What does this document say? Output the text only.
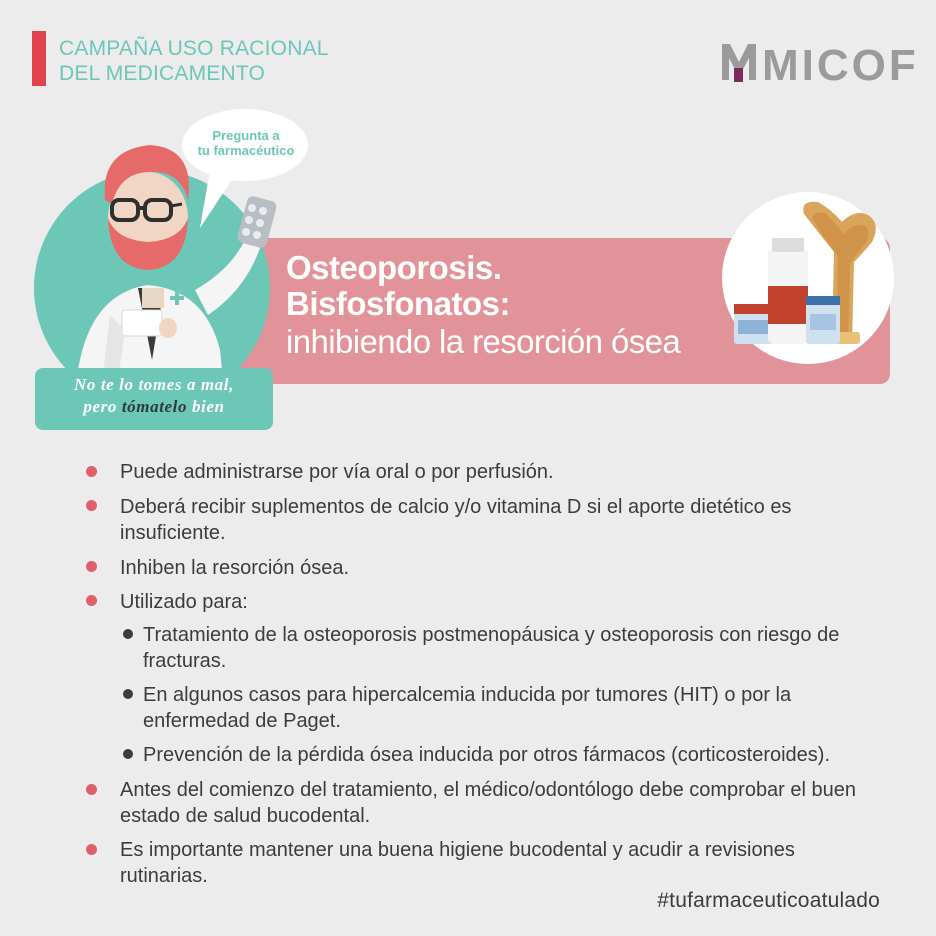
CAMPAÑA USO RACIONAL
DEL MEDICAMENTO	MICOF
Pregunta a
tu farmacéutico
No te lo tomes a mal,
pero tómatelo bien
Osteoporosis.
Bisfosfonatos:
inhibiendo la resorción ósea
Puede administrarse por vía oral o por perfusión.
Deberá recibir suplementos de calcio y/o vitamina D si el aporte dietético es insuficiente.
Inhiben la resorción ósea.
Utilizado para:
Tratamiento de la osteoporosis postmenopáusica y osteoporosis con riesgo de fracturas.
En algunos casos para hipercalcemia inducida por tumores (HIT) o por la enfermedad de Paget.
Prevención de la pérdida ósea inducida por otros fármacos (corticosteroides).
Antes del comienzo del tratamiento, el médico/odontólogo debe comprobar el buen estado de salud bucodental.
Es importante mantener una buena higiene bucodental y acudir a revisiones rutinarias.
#tufarmaceuticoatulado
